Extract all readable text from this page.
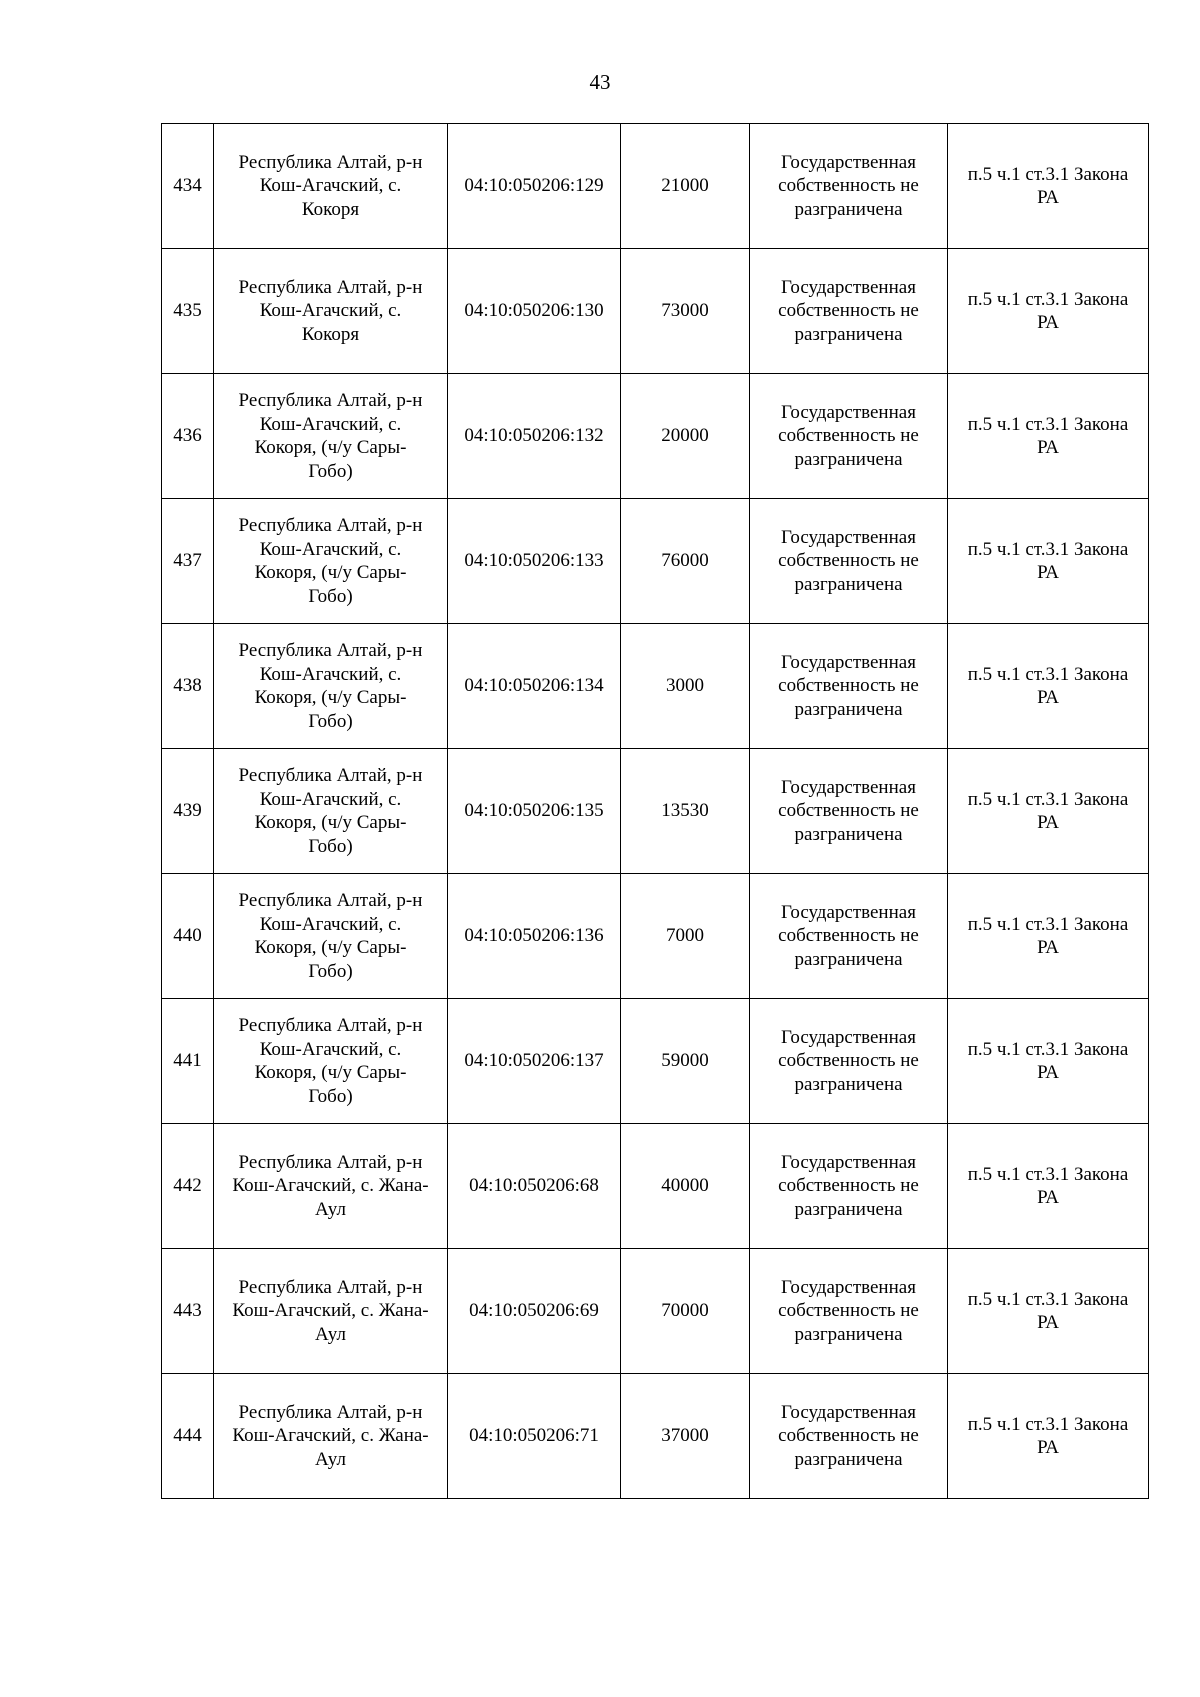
43
434	Республика Алтай, р-н
Кош-Агачский, с.
Кокоря	04:10:050206:129	21000	Государственная
собственность не
разграничена	п.5 ч.1 ст.3.1 Закона
РА
435	Республика Алтай, р-н
Кош-Агачский, с.
Кокоря	04:10:050206:130	73000	Государственная
собственность не
разграничена	п.5 ч.1 ст.3.1 Закона
РА
436	Республика Алтай, р-н
Кош-Агачский, с.
Кокоря, (ч/у Сары-
Гобо)	04:10:050206:132	20000	Государственная
собственность не
разграничена	п.5 ч.1 ст.3.1 Закона
РА
437	Республика Алтай, р-н
Кош-Агачский, с.
Кокоря, (ч/у Сары-
Гобо)	04:10:050206:133	76000	Государственная
собственность не
разграничена	п.5 ч.1 ст.3.1 Закона
РА
438	Республика Алтай, р-н
Кош-Агачский, с.
Кокоря, (ч/у Сары-
Гобо)	04:10:050206:134	3000	Государственная
собственность не
разграничена	п.5 ч.1 ст.3.1 Закона
РА
439	Республика Алтай, р-н
Кош-Агачский, с.
Кокоря, (ч/у Сары-
Гобо)	04:10:050206:135	13530	Государственная
собственность не
разграничена	п.5 ч.1 ст.3.1 Закона
РА
440	Республика Алтай, р-н
Кош-Агачский, с.
Кокоря, (ч/у Сары-
Гобо)	04:10:050206:136	7000	Государственная
собственность не
разграничена	п.5 ч.1 ст.3.1 Закона
РА
441	Республика Алтай, р-н
Кош-Агачский, с.
Кокоря, (ч/у Сары-
Гобо)	04:10:050206:137	59000	Государственная
собственность не
разграничена	п.5 ч.1 ст.3.1 Закона
РА
442	Республика Алтай, р-н
Кош-Агачский, с. Жана-
Аул	04:10:050206:68	40000	Государственная
собственность не
разграничена	п.5 ч.1 ст.3.1 Закона
РА
443	Республика Алтай, р-н
Кош-Агачский, с. Жана-
Аул	04:10:050206:69	70000	Государственная
собственность не
разграничена	п.5 ч.1 ст.3.1 Закона
РА
444	Республика Алтай, р-н
Кош-Агачский, с. Жана-
Аул	04:10:050206:71	37000	Государственная
собственность не
разграничена	п.5 ч.1 ст.3.1 Закона
РА
